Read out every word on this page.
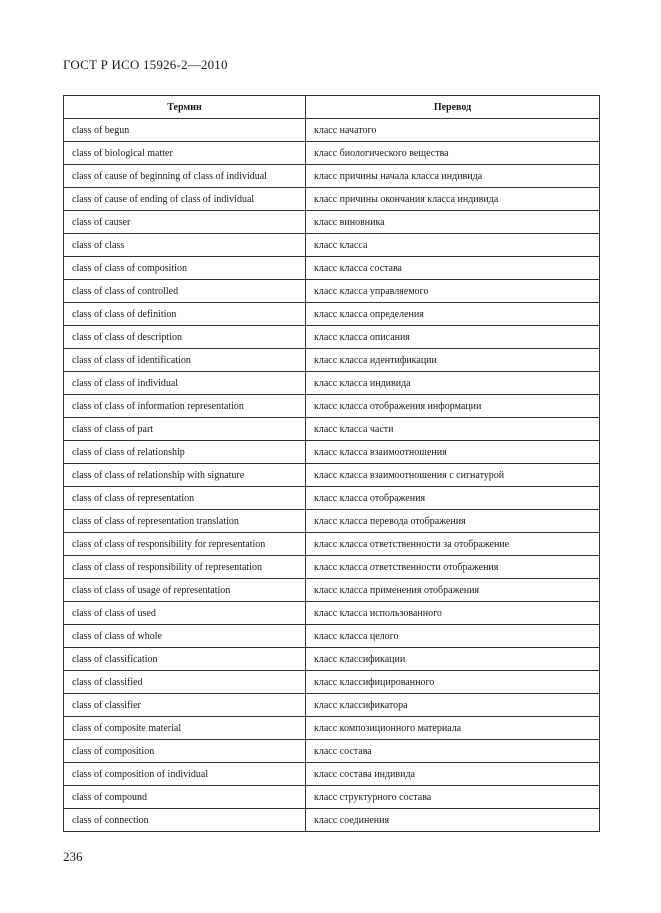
ГОСТ Р ИСО 15926-2—2010
Термин	Перевод
class of begun	класс начатого
class of biological matter	класс биологического вещества
class of cause of beginning of class of individual	класс причины начала класса индивида
class of cause of ending of class of individual	класс причины окончания класса индивида
class of causer	класс виновника
class of class	класс класса
class of class of composition	класс класса состава
class of class of controlled	класс класса управляемого
class of class of definition	класс класса определения
class of class of description	класс класса описания
class of class of identification	класс класса идентификации
class of class of individual	класс класса индивида
class of class of information representation	класс класса отображения информации
class of class of part	класс класса части
class of class of relationship	класс класса взаимоотношения
class of class of relationship with signature	класс класса взаимоотношения с сигнатурой
class of class of representation	класс класса отображения
class of class of representation translation	класс класса перевода отображения
class of class of responsibility for representation	класс класса ответственности за отображение
class of class of responsibility of representation	класс класса ответственности отображения
class of class of usage of representation	класс класса применения отображения
class of class of used	класс класса использованного
class of class of whole	класс класса целого
class of classification	класс классификации
class of classified	класс классифицированного
class of classifier	класс классификатора
class of composite material	класс композиционного материала
class of composition	класс состава
class of composition of individual	класс состава индивида
class of compound	класс структурного состава
class of connection	класс соединения
236
